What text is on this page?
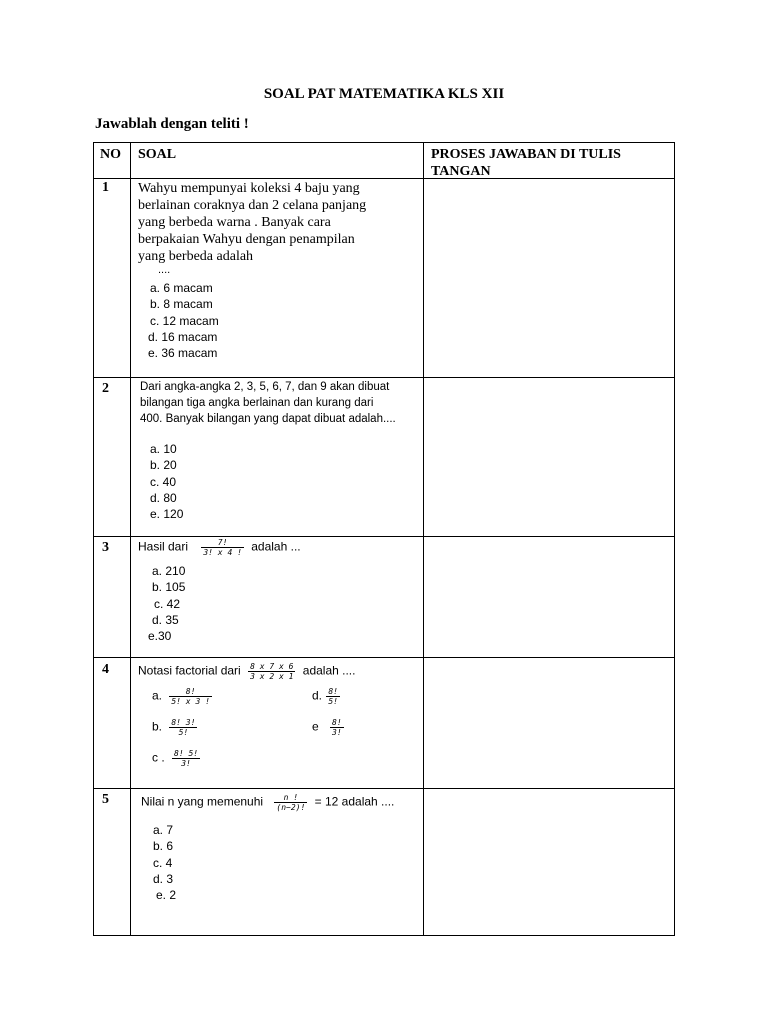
SOAL PAT MATEMATIKA KLS XII
Jawablah dengan teliti !
NO SOAL	PROSES JAWABAN DI TULIS TANGAN
1 Wahyu mempunyai koleksi 4 baju yang berlainan coraknya dan 2 celana panjang yang berbeda warna . Banyak cara berpakaian Wahyu dengan penampilan yang berbeda adalah
....
a. 6 macam
b. 8 macam
c. 12 macam
d. 16 macam
e. 36 macam
2	Dari angka-angka 2, 3, 5, 6, 7, dan 9 akan dibuat bilangan tiga angka berlainan dan kurang dari 400. Banyak bilangan yang dapat dibuat adalah....
a. 10
b. 20
c. 40
d. 80
e. 120
3 Hasil dari $\frac{7!}{3! x 4 !}$ adalah ...
a. 210
b. 105
c. 42
d. 35
e.30
4 Notasi factorial dari $\frac{8 x 7 x 6}{3 x 2 x 1}$ adalah ....
a. $\frac{8!}{5! x 3 !}$
b. $\frac{8! 3!}{5!}$
c . $\frac{8! 5!}{3!}$
d. $\frac{8!}{5!}$
e $\frac{8!}{3!}$
5	Nilai n yang memenuhi $\frac{n !}{(n-2)!} = 12$ adalah ....
a. 7
b. 6
c. 4
d. 3
e. 2
